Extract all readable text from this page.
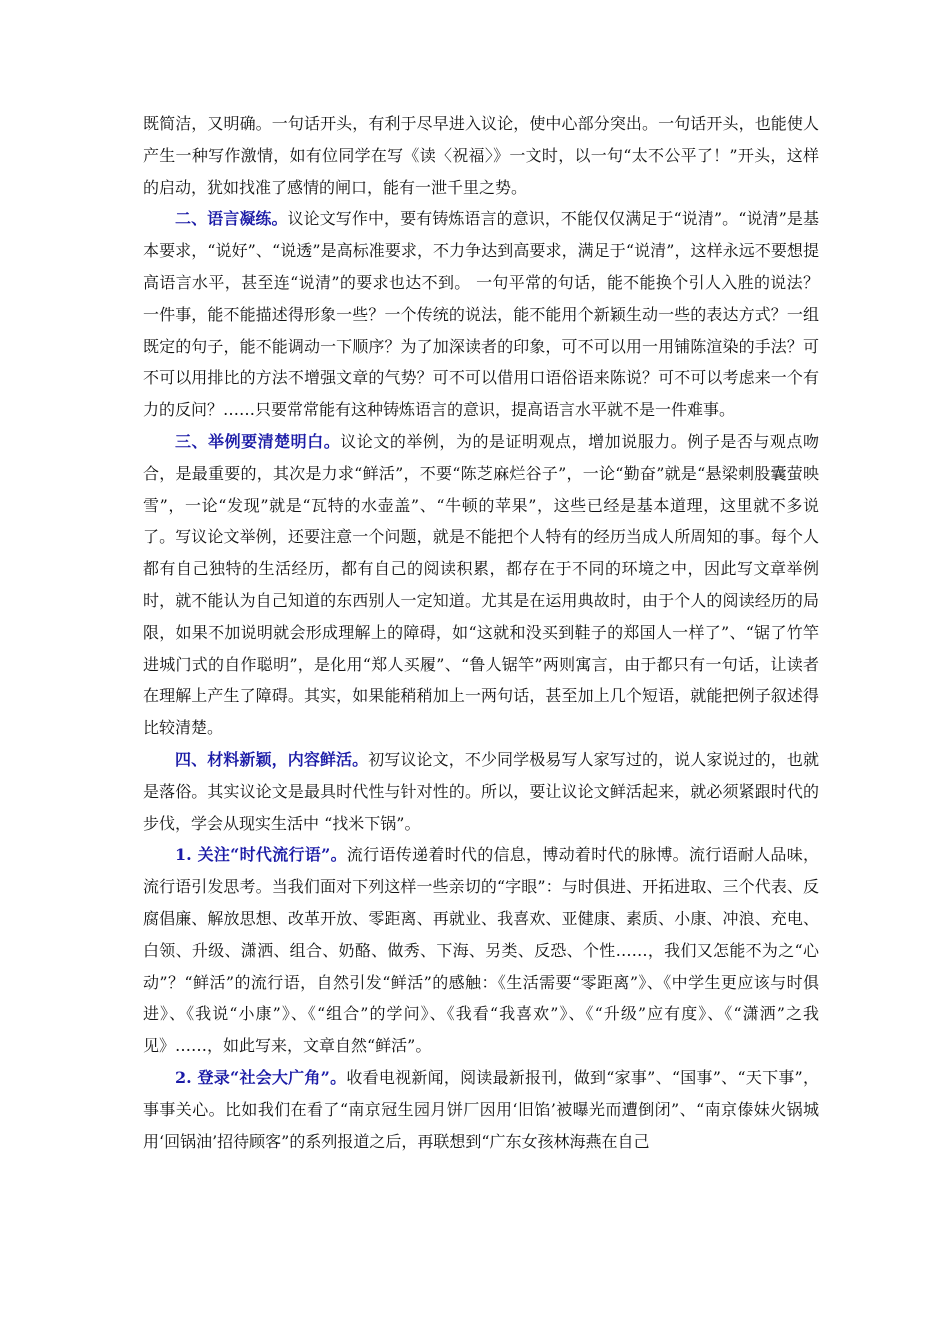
既简洁，又明确。一句话开头，有利于尽早进入议论，使中心部分突出。一句话开头，也能使人产生一种写作激情，如有位同学在写《读〈祝福〉》一文时，以一句“太不公平了！”开头，这样的启动，犹如找准了感情的闸口，能有一泄千里之势。

二、语言凝练。议论文写作中，要有铸炼语言的意识，不能仅仅满足于“说清”。“说清”是基本要求，“说好”、“说透”是高标准要求，不力争达到高要求，满足于“说清”，这样永远不要想提高语言水平，甚至连“说清”的要求也达不到。 一句平常的句话，能不能换个引人入胜的说法？一件事，能不能描述得形象一些？一个传统的说法，能不能用个新颖生动一些的表达方式？一组既定的句子，能不能调动一下顺序？为了加深读者的印象，可不可以用一用铺陈渲染的手法？可不可以用排比的方法不增强文章的气势？可不可以借用口语俗语来陈说？可不可以考虑来一个有力的反问？……只要常常能有这种铸炼语言的意识，提高语言水平就不是一件难事。

三、举例要清楚明白。议论文的举例，为的是证明观点，增加说服力。例子是否与观点吻合，是最重要的，其次是力求“鲜活”，不要“陈芝麻烂谷子”，一论“勤奋”就是“悬梁刺股囊萤映雪”，一论“发现”就是“瓦特的水壶盖”、“牛顿的苹果”，这些已经是基本道理，这里就不多说了。写议论文举例，还要注意一个问题，就是不能把个人特有的经历当成人所周知的事。每个人都有自己独特的生活经历，都有自己的阅读积累，都存在于不同的环境之中，因此写文章举例时，就不能认为自己知道的东西别人一定知道。尤其是在运用典故时，由于个人的阅读经历的局限，如果不加说明就会形成理解上的障碍，如“这就和没买到鞋子的郑国人一样了”、“锯了竹竿进城门式的自作聪明”，是化用“郑人买履”、“鲁人锯竿”两则寓言，由于都只有一句话，让读者在理解上产生了障碍。其实，如果能稍稍加上一两句话，甚至加上几个短语，就能把例子叙述得比较清楚。

四、材料新颖，内容鲜活。初写议论文，不少同学极易写人家写过的，说人家说过的，也就是落俗。其实议论文是最具时代性与针对性的。所以，要让议论文鲜活起来，就必须紧跟时代的步伐，学会从现实生活中 “找米下锅”。

1. 关注“时代流行语”。流行语传递着时代的信息，博动着时代的脉博。流行语耐人品味，流行语引发思考。当我们面对下列这样一些亲切的“字眼”：与时俱进、开拓进取、三个代表、反腐倡廉、解放思想、改革开放、零距离、再就业、我喜欢、亚健康、素质、小康、冲浪、充电、白领、升级、潇洒、组合、奶酪、做秀、下海、另类、反恐、个性……，我们又怎能不为之“心动”？“鲜活”的流行语，自然引发“鲜活”的感触：《生活需要“零距离”》、《中学生更应该与时俱进》、《我说“小康”》、《“组合”的学问》、《我看“我喜欢”》、《“升级”应有度》、《“潇洒”之我见》……，如此写来，文章自然“鲜活”。

2. 登录“社会大广角”。收看电视新闻，阅读最新报刊，做到“家事”、“国事”、“天下事”，事事关心。比如我们在看了“南京冠生园月饼厂因用‘旧馅’被曝光而遭倒闭”、“南京傣妹火锅城用‘回锅油’招待顾客”的系列报道之后，再联想到“广东女孩林海燕在自己
